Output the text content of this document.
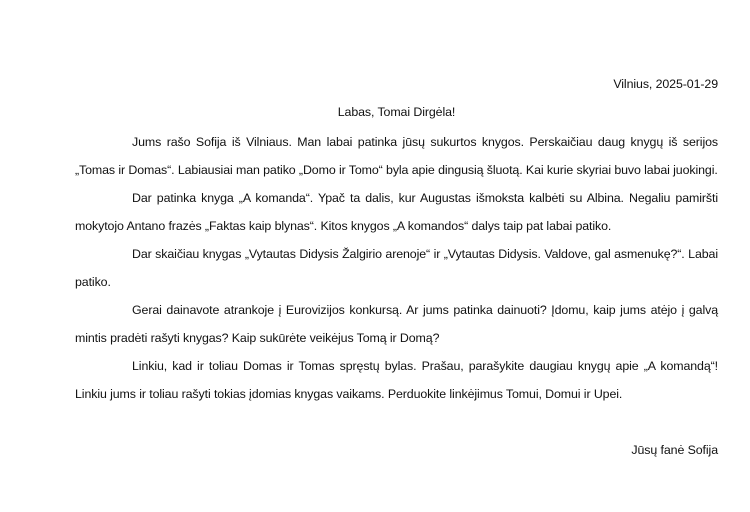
Vilnius, 2025-01-29

Labas, Tomai Dirgėla!

Jums rašo Sofija iš Vilniaus. Man labai patinka jūsų sukurtos knygos. Perskaičiau daug knygų iš serijos „Tomas ir Domas“. Labiausiai man patiko „Domo ir Tomo“ byla apie dingusią šluotą. Kai kurie skyriai buvo labai juokingi.

Dar patinka knyga „A komanda“. Ypač ta dalis, kur Augustas išmoksta kalbėti su Albina. Negaliu pamiršti mokytojo Antano frazės „Faktas kaip blynas“. Kitos knygos „A komandos“ dalys taip pat labai patiko.

Dar skaičiau knygas „Vytautas Didysis Žalgirio arenoje“ ir „Vytautas Didysis. Valdove, gal asmenukę?“. Labai patiko.

Gerai dainavote atrankoje į Eurovizijos konkursą. Ar jums patinka dainuoti? Įdomu, kaip jums atėjo į galvą mintis pradėti rašyti knygas? Kaip sukūrėte veikėjus Tomą ir Domą?

Linkiu, kad ir toliau Domas ir Tomas spręstų bylas. Prašau, parašykite daugiau knygų apie „A komandą“! Linkiu jums ir toliau rašyti tokias įdomias knygas vaikams. Perduokite linkėjimus Tomui, Domui ir Upei.

Jūsų fanė Sofija
